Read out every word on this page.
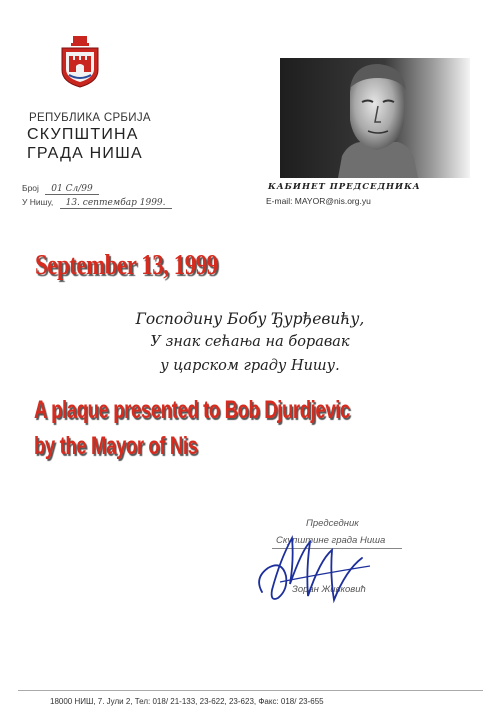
РЕПУБЛИКА СРБИЈА
СКУПШТИНА
ГРАДА НИША
Број 01 Сл/99
У Нишу, 13. септембар 1999.
КАБИНЕТ ПРЕДСЕДНИКА
E-mail: MAYOR@nis.org.yu
September 13, 1999
Господину Бобу Ђурђевићу,
У знак сећања на боравак
у царском граду Нишу.
A plaque presented to Bob Djurdjevic
by the Mayor of Nis
Председник
Скупштине града Ниша
Зоран Живковић
18000 НИШ, 7. Јули 2, Тел: 018/ 21-133, 23-622, 23-623, Факс: 018/ 23-655
